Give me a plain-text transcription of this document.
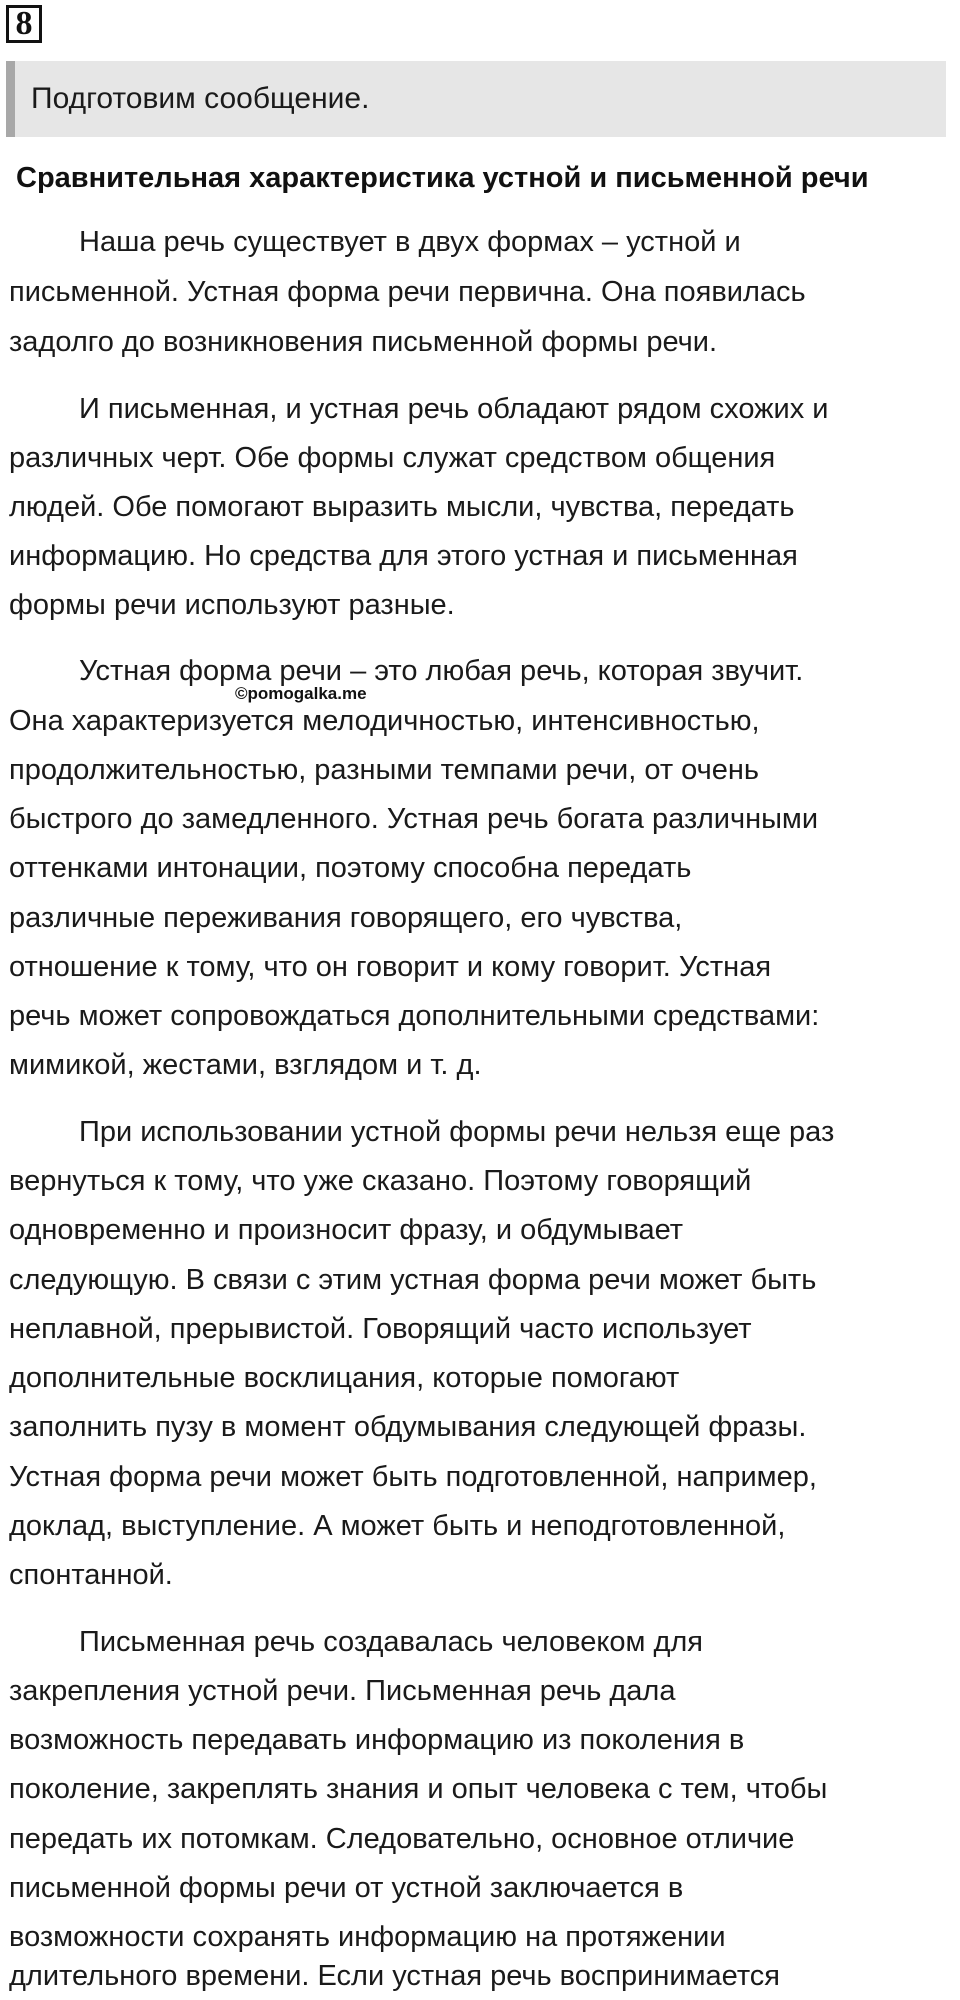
8
Подготовим сообщение.
Сравнительная характеристика устной и письменной речи
Наша речь существует в двух формах – устной и
письменной. Устная форма речи первична. Она появилась
задолго до возникновения письменной формы речи.
И письменная, и устная речь обладают рядом схожих и
различных черт. Обе формы служат средством общения
людей. Обе помогают выразить мысли, чувства, передать
информацию. Но средства для этого устная и письменная
формы речи используют разные.
Устная форма речи – это любая речь, которая звучит.
Она характеризуется мелодичностью, интенсивностью,
продолжительностью, разными темпами речи, от очень
быстрого до замедленного. Устная речь богата различными
оттенками интонации, поэтому способна передать
различные переживания говорящего, его чувства,
отношение к тому, что он говорит и кому говорит. Устная
речь может сопровождаться дополнительными средствами:
мимикой, жестами, взглядом и т. д.
При использовании устной формы речи нельзя еще раз
вернуться к тому, что уже сказано. Поэтому говорящий
одновременно и произносит фразу, и обдумывает
следующую. В связи с этим устная форма речи может быть
неплавной, прерывистой. Говорящий часто использует
дополнительные восклицания, которые помогают
заполнить пузу в момент обдумывания следующей фразы.
Устная форма речи может быть подготовленной, например,
доклад, выступление. А может быть и неподготовленной,
спонтанной.
Письменная речь создавалась человеком для
закрепления устной речи. Письменная речь дала
возможность передавать информацию из поколения в
поколение, закреплять знания и опыт человека с тем, чтобы
передать их потомкам. Следовательно, основное отличие
письменной формы речи от устной заключается в
возможности сохранять информацию на протяжении
длительного времени. Если устная речь воспринимается
©pomogalka.me
